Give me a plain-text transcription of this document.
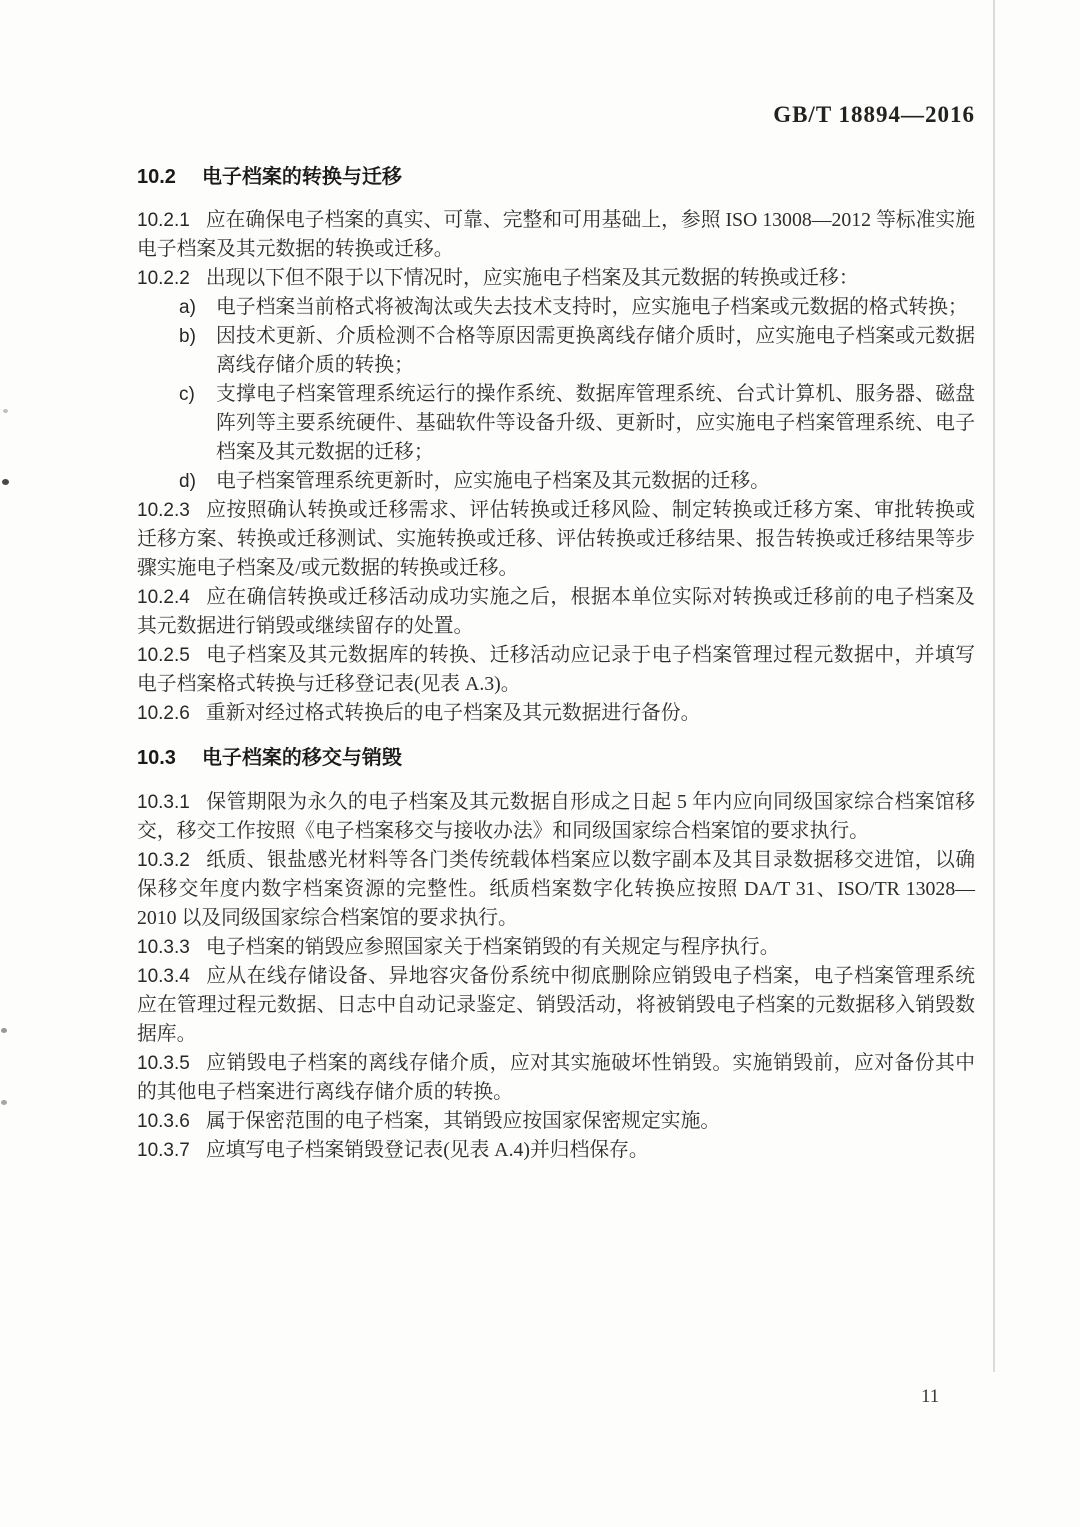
GB/T 18894—2016
10.2 电子档案的转换与迁移

10.2.1 应在确保电子档案的真实、可靠、完整和可用基础上，参照 ISO 13008—2012 等标准实施电子档案及其元数据的转换或迁移。

10.2.2 出现以下但不限于以下情况时，应实施电子档案及其元数据的转换或迁移：

a)	电子档案当前格式将被淘汰或失去技术支持时，应实施电子档案或元数据的格式转换；
b)	因技术更新、介质检测不合格等原因需更换离线存储介质时，应实施电子档案或元数据离线存储介质的转换；
c)	支撑电子档案管理系统运行的操作系统、数据库管理系统、台式计算机、服务器、磁盘阵列等主要系统硬件、基础软件等设备升级、更新时，应实施电子档案管理系统、电子档案及其元数据的迁移；
d)	电子档案管理系统更新时，应实施电子档案及其元数据的迁移。

10.2.3 应按照确认转换或迁移需求、评估转换或迁移风险、制定转换或迁移方案、审批转换或迁移方案、转换或迁移测试、实施转换或迁移、评估转换或迁移结果、报告转换或迁移结果等步骤实施电子档案及/或元数据的转换或迁移。

10.2.4 应在确信转换或迁移活动成功实施之后，根据本单位实际对转换或迁移前的电子档案及其元数据进行销毁或继续留存的处置。

10.2.5 电子档案及其元数据库的转换、迁移活动应记录于电子档案管理过程元数据中，并填写电子档案格式转换与迁移登记表(见表 A.3)。

10.2.6 重新对经过格式转换后的电子档案及其元数据进行备份。

10.3 电子档案的移交与销毁

10.3.1 保管期限为永久的电子档案及其元数据自形成之日起 5 年内应向同级国家综合档案馆移交，移交工作按照《电子档案移交与接收办法》和同级国家综合档案馆的要求执行。

10.3.2 纸质、银盐感光材料等各门类传统载体档案应以数字副本及其目录数据移交进馆，以确保移交年度内数字档案资源的完整性。纸质档案数字化转换应按照 DA/T 31、ISO/TR 13028—2010 以及同级国家综合档案馆的要求执行。

10.3.3 电子档案的销毁应参照国家关于档案销毁的有关规定与程序执行。

10.3.4 应从在线存储设备、异地容灾备份系统中彻底删除应销毁电子档案，电子档案管理系统应在管理过程元数据、日志中自动记录鉴定、销毁活动，将被销毁电子档案的元数据移入销毁数据库。

10.3.5 应销毁电子档案的离线存储介质，应对其实施破坏性销毁。实施销毁前，应对备份其中的其他电子档案进行离线存储介质的转换。

10.3.6 属于保密范围的电子档案，其销毁应按国家保密规定实施。

10.3.7 应填写电子档案销毁登记表(见表 A.4)并归档保存。

11
